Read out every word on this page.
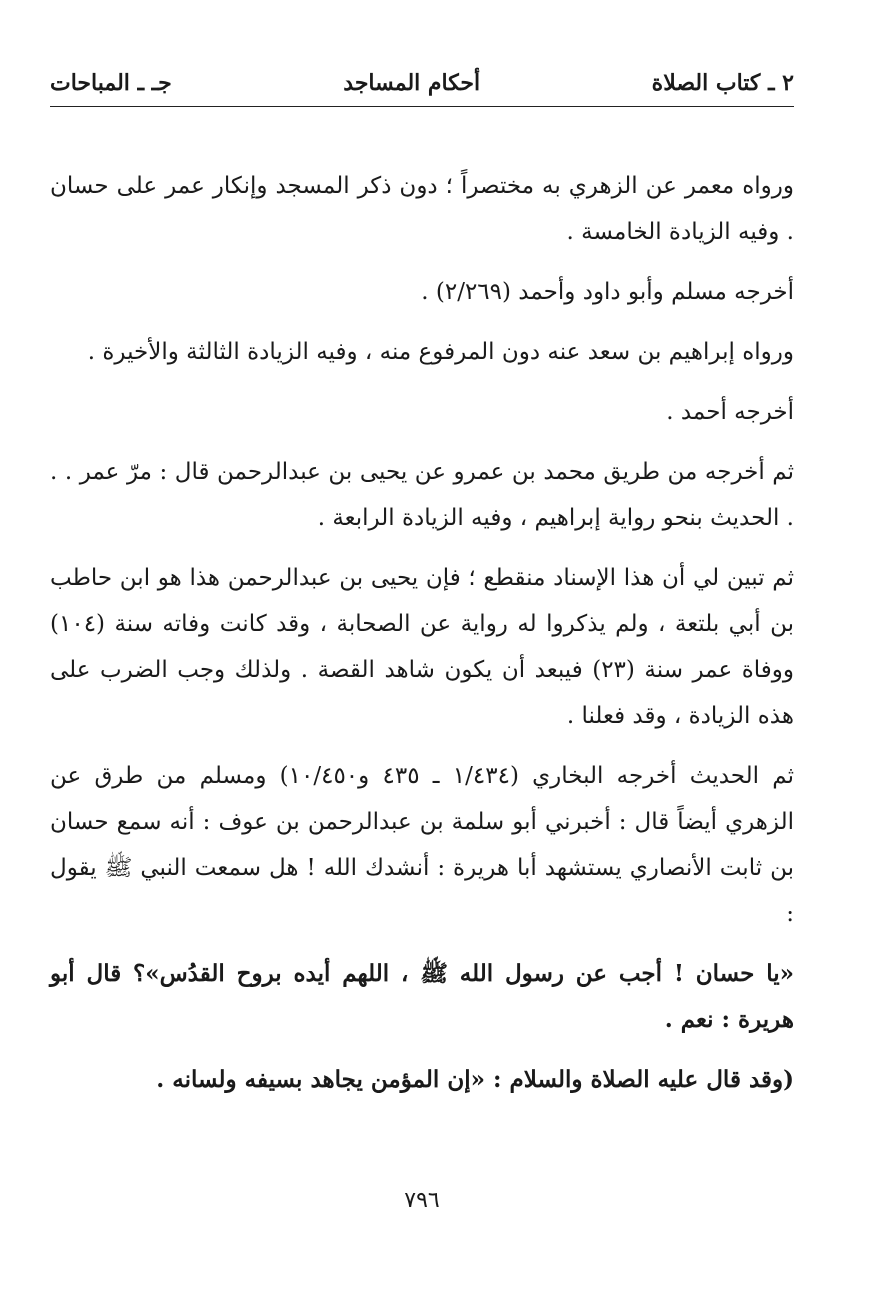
٢ ـ كتاب الصلاة
أحكام المساجد
جـ ـ المباحات

ورواه معمر عن الزهري به مختصراً ؛ دون ذكر المسجد وإنكار عمر على حسان . وفيه الزيادة الخامسة .

أخرجه مسلم وأبو داود وأحمد (٢/٢٦٩) .

ورواه إبراهيم بن سعد عنه دون المرفوع منه ، وفيه الزيادة الثالثة والأخيرة .

أخرجه أحمد .

ثم أخرجه من طريق محمد بن عمرو عن يحيى بن عبدالرحمن قال : مرّ عمر . . . الحديث بنحو رواية إبراهيم ، وفيه الزيادة الرابعة .

ثم تبين لي أن هذا الإسناد منقطع ؛ فإن يحيى بن عبدالرحمن هذا هو ابن حاطب بن أبي بلتعة ، ولم يذكروا له رواية عن الصحابة ، وقد كانت وفاته سنة (١٠٤) ووفاة عمر سنة (٢٣) فيبعد أن يكون شاهد القصة . ولذلك وجب الضرب على هذه الزيادة ، وقد فعلنا .

ثم الحديث أخرجه البخاري (١/٤٣٤ ـ ٤٣٥ و١٠/٤٥٠) ومسلم من طرق عن الزهري أيضاً قال : أخبرني أبو سلمة بن عبدالرحمن بن عوف : أنه سمع حسان بن ثابت الأنصاري يستشهد أبا هريرة : أنشدك الله ! هل سمعت النبي ﷺ يقول :

«يا حسان ! أجب عن رسول الله ﷺ ، اللهم أيده بروح القدُس»؟ قال أبو هريرة : نعم .

(وقد قال عليه الصلاة والسلام : «إن المؤمن يجاهد بسيفه ولسانه .

٧٩٦
